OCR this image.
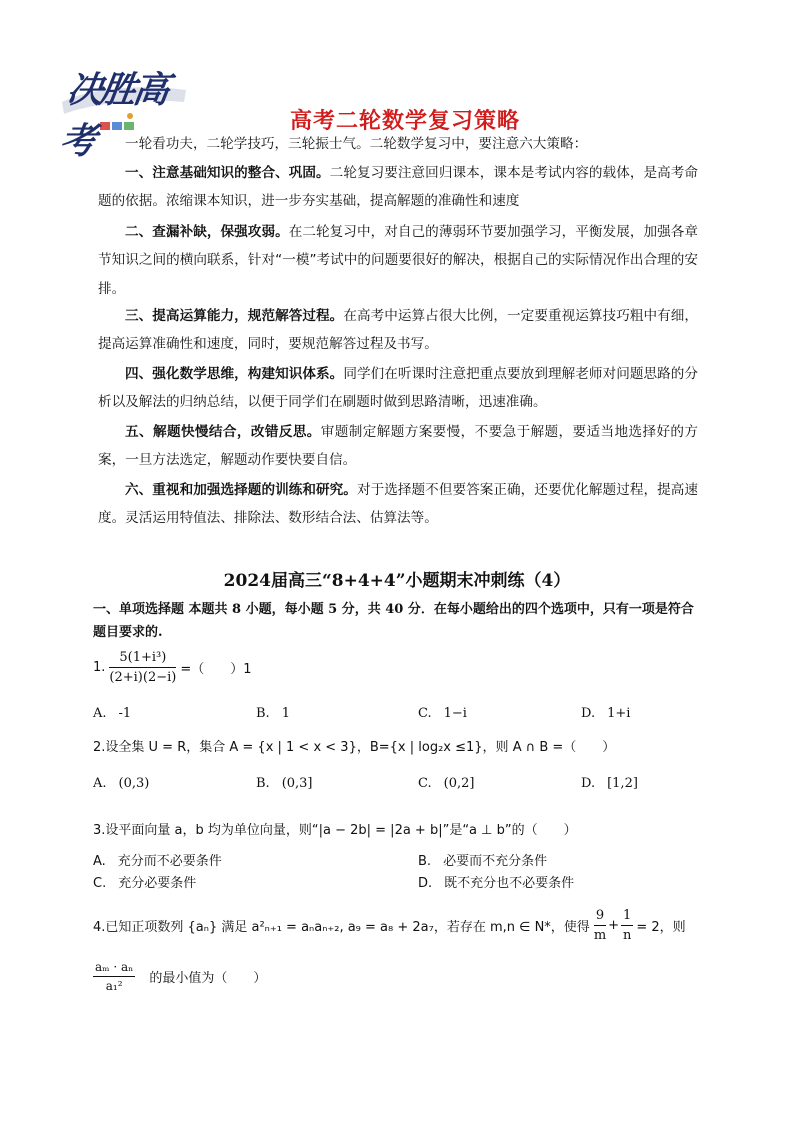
决胜高考	高考二轮数学复习策略
一轮看功夫，二轮学技巧，三轮振士气。二轮数学复习中，要注意六大策略：
一、注意基础知识的整合、巩固。二轮复习要注意回归课本，课本是考试内容的载体，是高考命题的依据。浓缩课本知识，进一步夯实基础，提高解题的准确性和速度
二、查漏补缺，保强攻弱。在二轮复习中，对自己的薄弱环节要加强学习，平衡发展，加强各章节知识之间的横向联系，针对“一模”考试中的问题要很好的解决，根据自己的实际情况作出合理的安排。
三、提高运算能力，规范解答过程。在高考中运算占很大比例，一定要重视运算技巧粗中有细，提高运算准确性和速度，同时，要规范解答过程及书写。
四、强化数学思维，构建知识体系。同学们在听课时注意把重点要放到理解老师对问题思路的分析以及解法的归纳总结，以便于同学们在刷题时做到思路清晰，迅速准确。
五、解题快慢结合，改错反思。审题制定解题方案要慢，不要急于解题，要适当地选择好的方案，一旦方法选定，解题动作要快要自信。
六、重视和加强选择题的训练和研究。对于选择题不但要答案正确，还要优化解题过程，提高速度。灵活运用特值法、排除法、数形结合法、估算法等。
2024届高三“8+4+4”小题期末冲刺练（4）
一、单项选择题 本题共 8 小题，每小题 5 分，共 40 分．在每小题给出的四个选项中，只有一项是符合题目要求的.
1. $\frac{\text{5(1+i³)}}{(2+i)(2-i)}$ =（　　）1
A. -1	B. 1	C. 1−i	D. 1+i
2.设全集 U = R，集合 A = {x | 1 < x < 3}，B={x | log₂x ≤1}，则 A ∩ B =（　　）
A. (0,3)	B. (0,3]	C. (0,2]	D. [1,2]
3.设平面向量 a，b 均为单位向量，则“|a − 2b| = |2a + b|”是“a ⊥ b”的（　　）
A. 充分而不必要条件	B. 必要而不充分条件
C. 充分必要条件	D. 既不充分也不必要条件
4.已知正项数列 {aₙ} 满足 a²ₙ₊₁ = aₙaₙ₊₂, a₉ = a₈ + 2a₇，若存在 m,n ∈ N*，使得 $\frac{9}{m} + \frac{1}{n} = 2$，则
$\frac{\text{aₘ · aₙ}}{\text{a₁²}}$ 的最小值为（　　）
